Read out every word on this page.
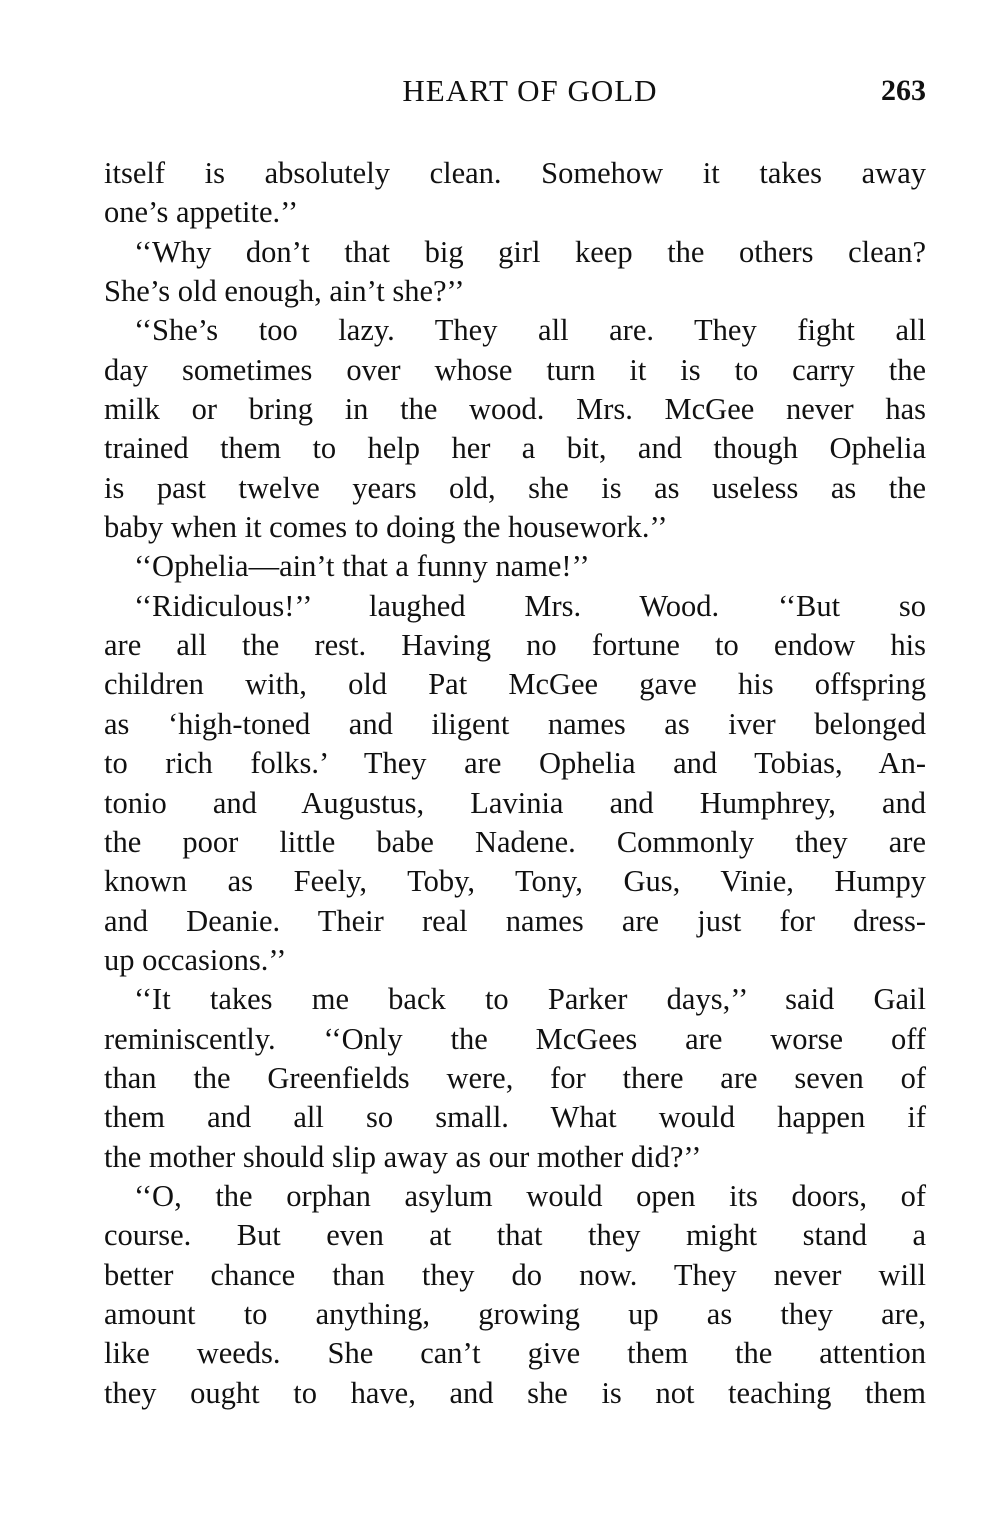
HEART OF GOLD	263
itself is absolutely clean. Somehow it takes away
one’s appetite.’’
‘‘Why don’t that big girl keep the others clean?
She’s old enough, ain’t she?’’
‘‘She’s too lazy. They all are. They fight all
day sometimes over whose turn it is to carry the
milk or bring in the wood. Mrs. McGee never has
trained them to help her a bit, and though Ophelia
is past twelve years old, she is as useless as the
baby when it comes to doing the housework.’’
‘‘Ophelia—ain’t that a funny name!’’
‘‘Ridiculous!’’ laughed Mrs. Wood. ‘‘But so
are all the rest. Having no fortune to endow his
children with, old Pat McGee gave his offspring
as ‘high-toned and iligent names as iver belonged
to rich folks.’ They are Ophelia and Tobias, An-
tonio and Augustus, Lavinia and Humphrey, and
the poor little babe Nadene. Commonly they are
known as Feely, Toby, Tony, Gus, Vinie, Humpy
and Deanie. Their real names are just for dress-
up occasions.’’
‘‘It takes me back to Parker days,’’ said Gail
reminiscently. ‘‘Only the McGees are worse off
than the Greenfields were, for there are seven of
them and all so small. What would happen if
the mother should slip away as our mother did?’’
‘‘O, the orphan asylum would open its doors, of
course. But even at that they might stand a
better chance than they do now. They never will
amount to anything, growing up as they are,
like weeds. She can’t give them the attention
they ought to have, and she is not teaching them
